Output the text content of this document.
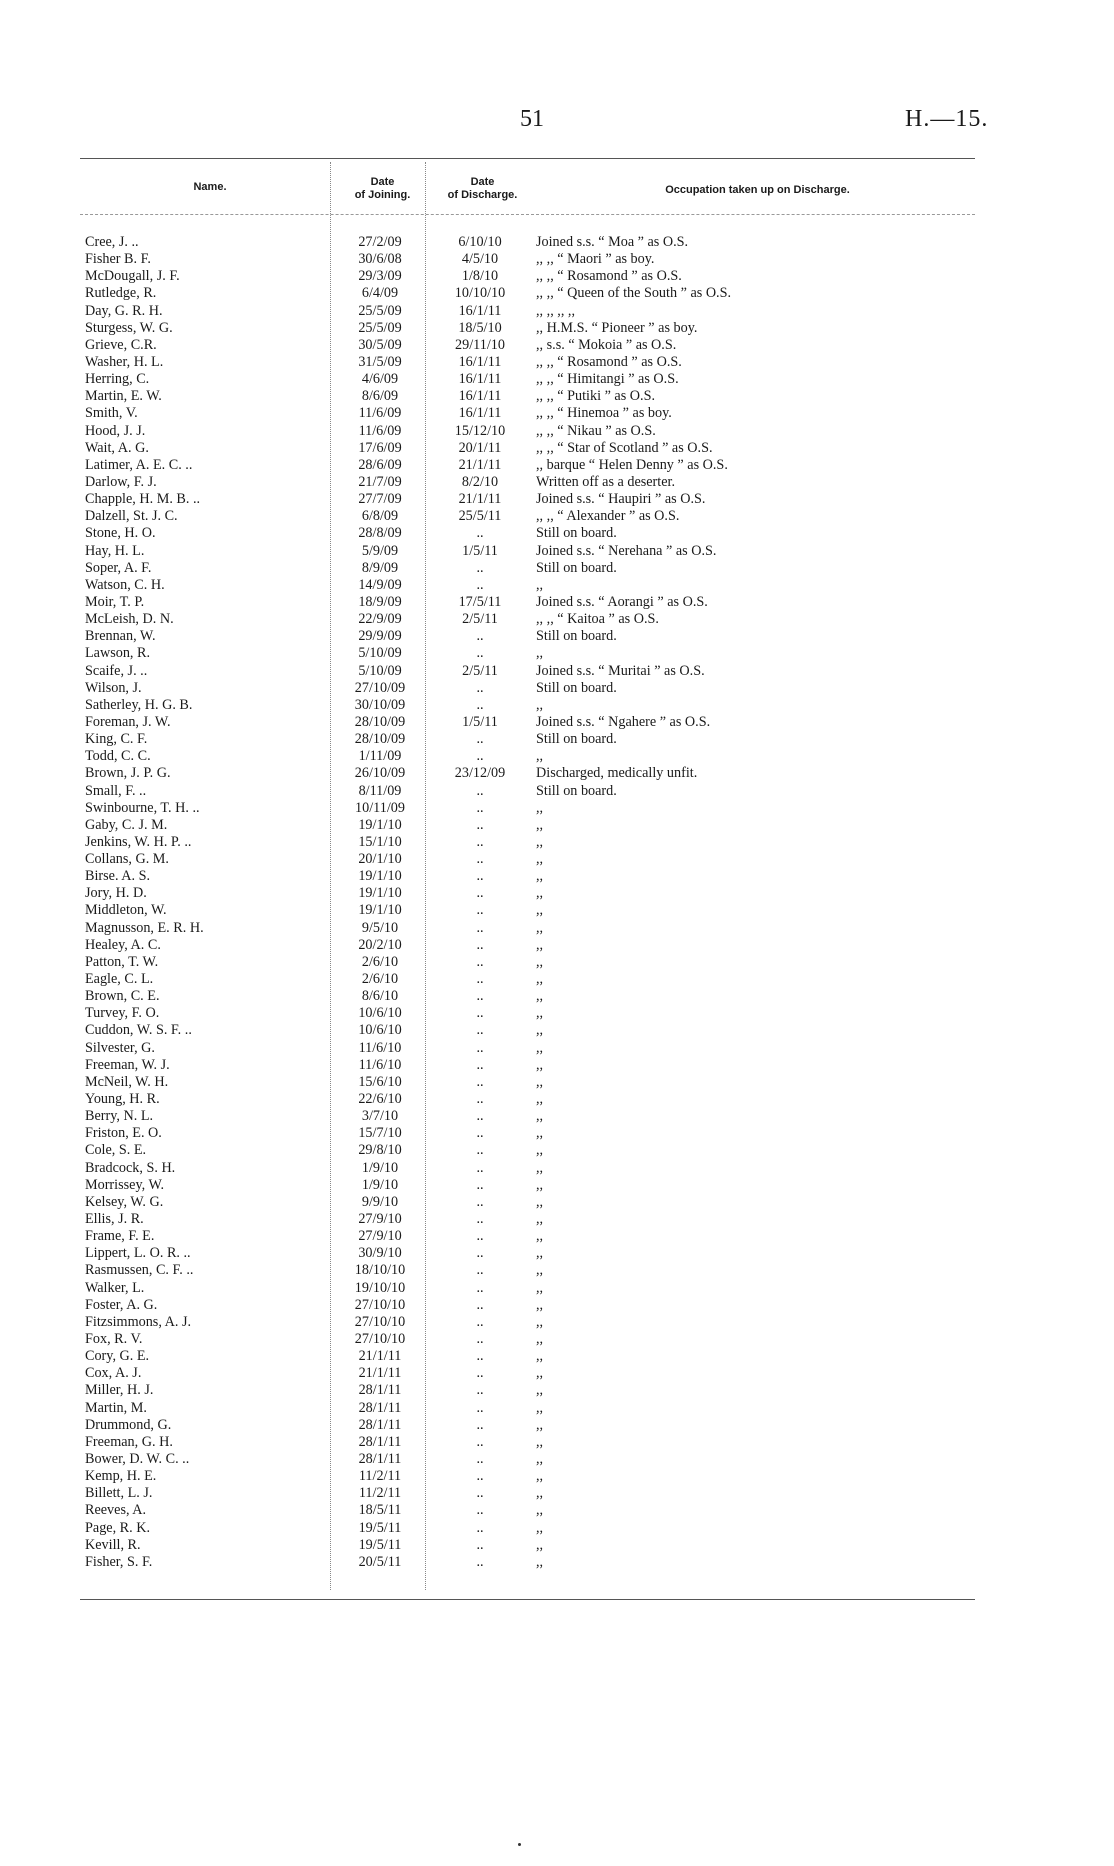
51	H.—15.
Name.	Date
of Joining.
Date
of Discharge.	Occupation taken up on Discharge.
Cree, J. ..	27/2/09	6/10/10	Joined s.s. “ Moa ” as O.S.
Fisher B. F.	30/6/08	4/5/10	,, ,, “ Maori ” as boy.
McDougall, J. F.	29/3/09	1/8/10	,, ,, “ Rosamond ” as O.S.
Rutledge, R.	6/4/09	10/10/10	,, ,, “ Queen of the South ” as O.S.
Day, G. R. H.	25/5/09	16/1/11	,, ,, ,, ,,
Sturgess, W. G.	25/5/09	18/5/10	,, H.M.S. “ Pioneer ” as boy.
Grieve, C.R.	30/5/09	29/11/10	,, s.s. “ Mokoia ” as O.S.
Washer, H. L.	31/5/09	16/1/11	,, ,, “ Rosamond ” as O.S.
Herring, C.	4/6/09	16/1/11	,, ,, “ Himitangi ” as O.S.
Martin, E. W.	8/6/09	16/1/11	,, ,, “ Putiki ” as O.S.
Smith, V.	11/6/09	16/1/11	,, ,, “ Hinemoa ” as boy.
Hood, J. J.	11/6/09	15/12/10	,, ,, “ Nikau ” as O.S.
Wait, A. G.	17/6/09	20/1/11	,, ,, “ Star of Scotland ” as O.S.
Latimer, A. E. C. ..	28/6/09	21/1/11	,, barque “ Helen Denny ” as O.S.
Darlow, F. J.	21/7/09	8/2/10	Written off as a deserter.
Chapple, H. M. B. ..	27/7/09	21/1/11	Joined s.s. “ Haupiri ” as O.S.
Dalzell, St. J. C.	6/8/09	25/5/11	,, ,, “ Alexander ” as O.S.
Stone, H. O.	28/8/09	..	Still on board.
Hay, H. L.	5/9/09	1/5/11	Joined s.s. “ Nerehana ” as O.S.
Soper, A. F.	8/9/09	..	Still on board.
Watson, C. H.	14/9/09	..	,,
Moir, T. P.	18/9/09	17/5/11	Joined s.s. “ Aorangi ” as O.S.
McLeish, D. N.	22/9/09	2/5/11	,, ,, “ Kaitoa ” as O.S.
Brennan, W.	29/9/09	..	Still on board.
Lawson, R.	5/10/09	..	,,
Scaife, J. ..	5/10/09	2/5/11	Joined s.s. “ Muritai ” as O.S.
Wilson, J.	27/10/09	..	Still on board.
Satherley, H. G. B.	30/10/09	..	,,
Foreman, J. W.	28/10/09	1/5/11	Joined s.s. “ Ngahere ” as O.S.
King, C. F.	28/10/09	..	Still on board.
Todd, C. C.	1/11/09	..	,,
Brown, J. P. G.	26/10/09	23/12/09	Discharged, medically unfit.
Small, F. ..	8/11/09	..	Still on board.
Swinbourne, T. H. ..	10/11/09	..	,,
Gaby, C. J. M.	19/1/10	..	,,
Jenkins, W. H. P. ..	15/1/10	..	,,
Collans, G. M.	20/1/10	..	,,
Birse. A. S.	19/1/10	..	,,
Jory, H. D.	19/1/10	..	,,
Middleton, W.	19/1/10	..	,,
Magnusson, E. R. H.	9/5/10	..	,,
Healey, A. C.	20/2/10	..	,,
Patton, T. W.	2/6/10	..	,,
Eagle, C. L.	2/6/10	..	,,
Brown, C. E.	8/6/10	..	,,
Turvey, F. O.	10/6/10	..	,,
Cuddon, W. S. F. ..	10/6/10	..	,,
Silvester, G.	11/6/10	..	,,
Freeman, W. J.	11/6/10	..	,,
McNeil, W. H.	15/6/10	..	,,
Young, H. R.	22/6/10	..	,,
Berry, N. L.	3/7/10	..	,,
Friston, E. O.	15/7/10	..	,,
Cole, S. E.	29/8/10	..	,,
Bradcock, S. H.	1/9/10	..	,,
Morrissey, W.	1/9/10	..	,,
Kelsey, W. G.	9/9/10	..	,,
Ellis, J. R.	27/9/10	..	,,
Frame, F. E.	27/9/10	..	,,
Lippert, L. O. R. ..	30/9/10	..	,,
Rasmussen, C. F. ..	18/10/10	..	,,
Walker, L.	19/10/10	..	,,
Foster, A. G.	27/10/10	..	,,
Fitzsimmons, A. J.	27/10/10	..	,,
Fox, R. V.	27/10/10	..	,,
Cory, G. E.	21/1/11	..	,,
Cox, A. J.	21/1/11	..	,,
Miller, H. J.	28/1/11	..	,,
Martin, M.	28/1/11	..	,,
Drummond, G.	28/1/11	..	,,
Freeman, G. H.	28/1/11	..	,,
Bower, D. W. C. ..	28/1/11	..	,,
Kemp, H. E.	11/2/11	..	,,
Billett, L. J.	11/2/11	..	,,
Reeves, A.	18/5/11	..	,,
Page, R. K.	19/5/11	..	,,
Kevill, R.	19/5/11	..	,,
Fisher, S. F.	20/5/11	..	,,
